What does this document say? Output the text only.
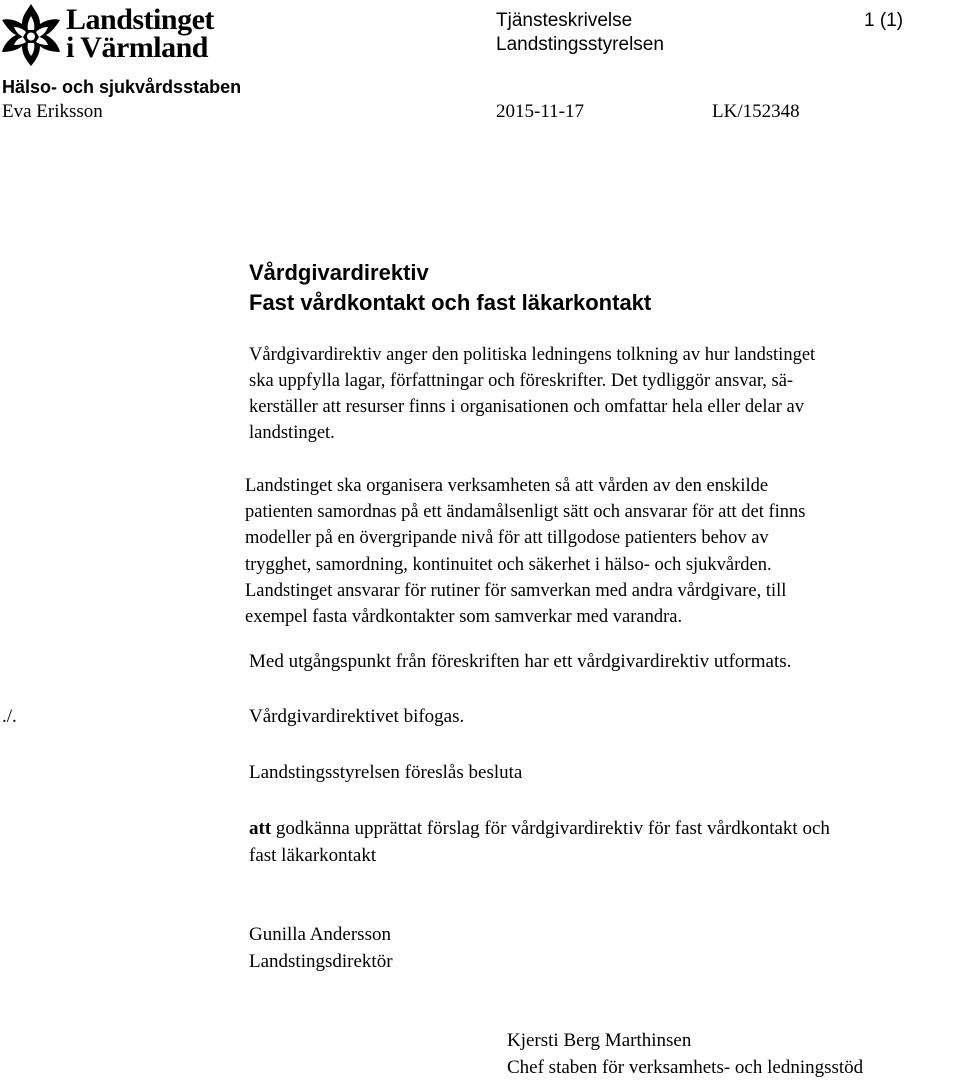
Landstinget
i Värmland
Tjänsteskrivelse
Landstingsstyrelsen
1 (1)
Hälso- och sjukvårdsstaben
Eva Eriksson	2015-11-17	LK/152348
Vårdgivardirektiv
Fast vårdkontakt och fast läkarkontakt
Vårdgivardirektiv anger den politiska ledningens tolkning av hur landstinget
ska uppfylla lagar, författningar och föreskrifter. Det tydliggör ansvar, sä-
kerställer att resurser finns i organisationen och omfattar hela eller delar av
landstinget.
Landstinget ska organisera verksamheten så att vården av den enskilde
patienten samordnas på ett ändamålsenligt sätt och ansvarar för att det finns
modeller på en övergripande nivå för att tillgodose patienters behov av
trygghet, samordning, kontinuitet och säkerhet i hälso- och sjukvården.
Landstinget ansvarar för rutiner för samverkan med andra vårdgivare, till
exempel fasta vårdkontakter som samverkar med varandra.
Med utgångspunkt från föreskriften har ett vårdgivardirektiv utformats.
./.	Vårdgivardirektivet bifogas.
Landstingsstyrelsen föreslås besluta
att godkänna upprättat förslag för vårdgivardirektiv för fast vårdkontakt och
fast läkarkontakt
Gunilla Andersson
Landstingsdirektör
Kjersti Berg Marthinsen
Chef staben för verksamhets- och ledningsstöd
